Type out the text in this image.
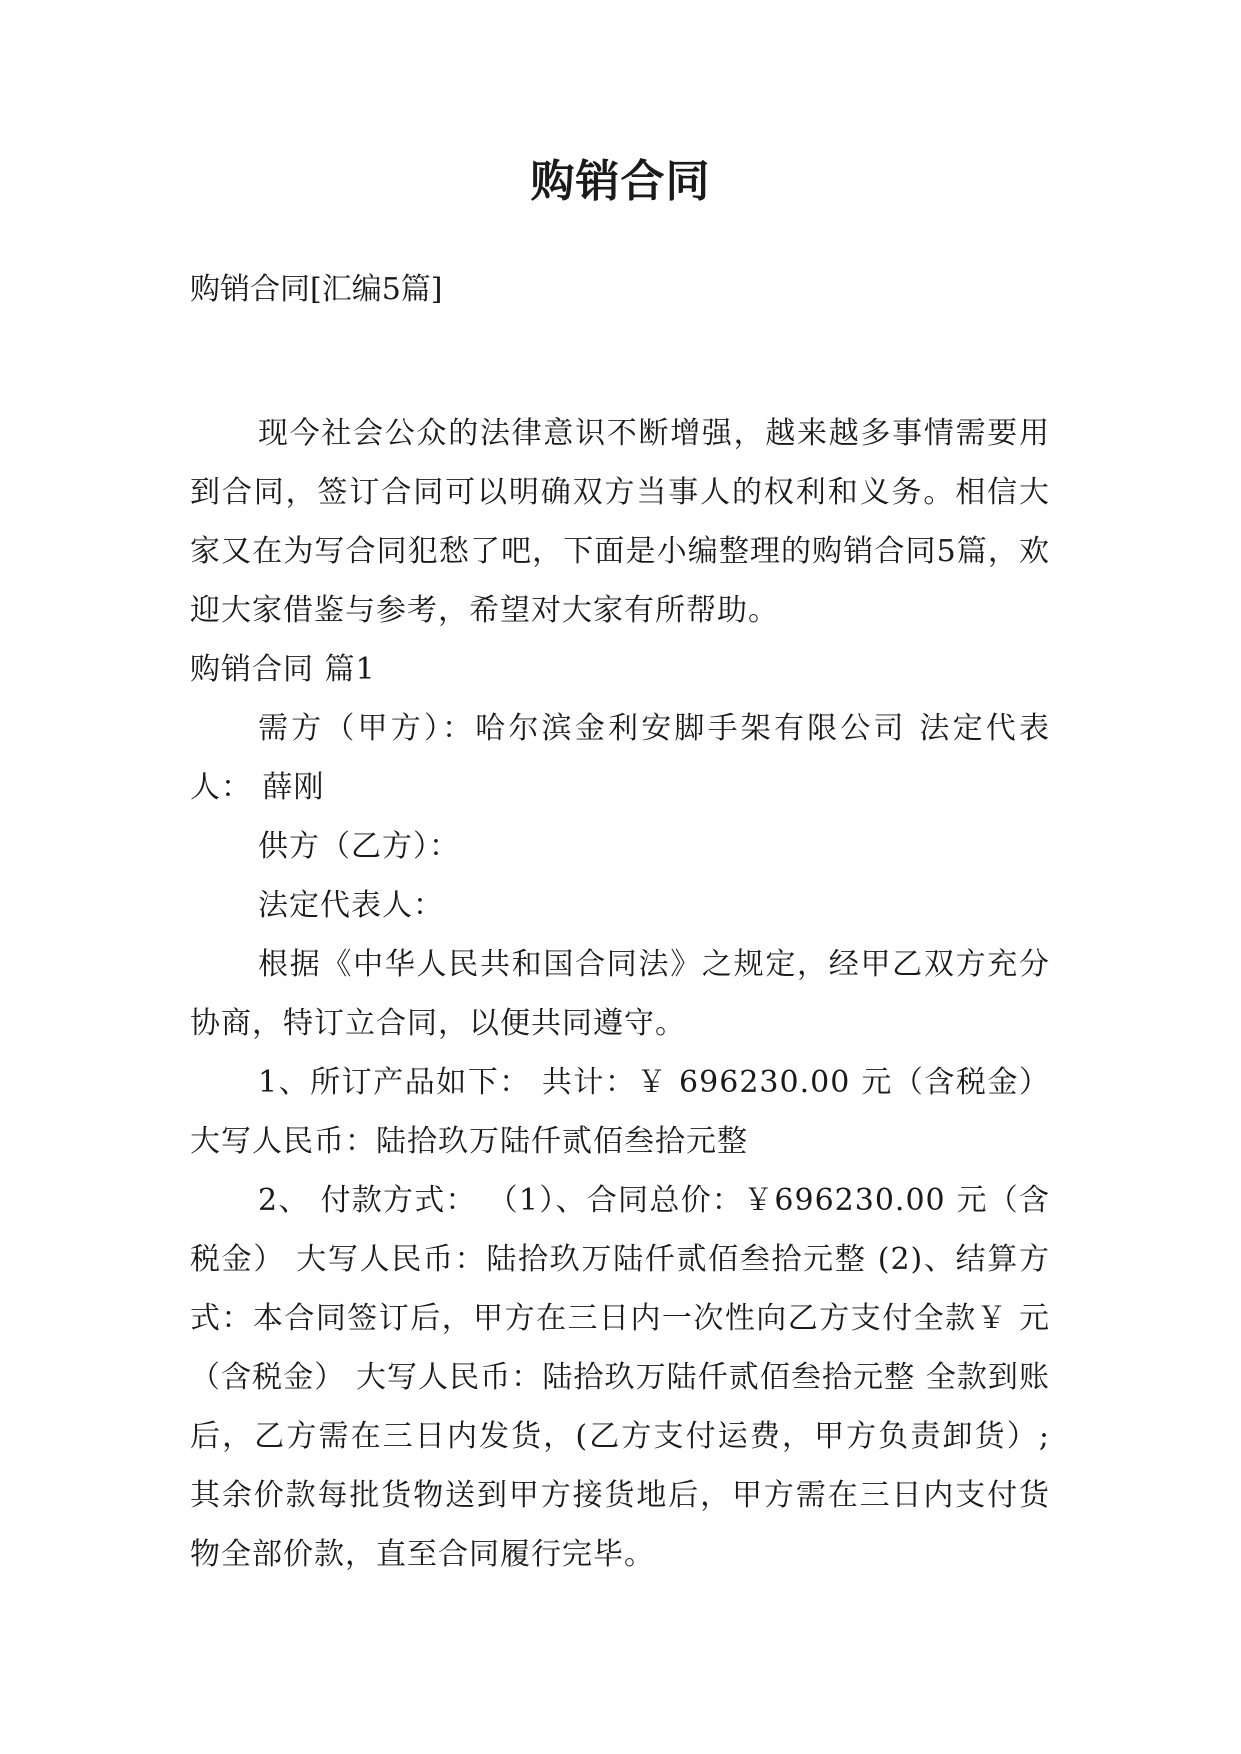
购销合同
购销合同[汇编5篇]

现今社会公众的法律意识不断增强，越来越多事情需要用到合同，签订合同可以明确双方当事人的权利和义务。相信大家又在为写合同犯愁了吧，下面是小编整理的购销合同5篇，欢迎大家借鉴与参考，希望对大家有所帮助。

购销合同 篇1

需方（甲方）：哈尔滨金利安脚手架有限公司 法定代表人： 薛刚

供方（乙方）：

法定代表人：

根据《中华人民共和国合同法》之规定，经甲乙双方充分协商，特订立合同，以便共同遵守。

1、所订产品如下： 共计：￥ 696230.00 元（含税金）大写人民币：陆拾玖万陆仟贰佰叁拾元整

2、 付款方式： （1）、合同总价：￥696230.00 元（含税金） 大写人民币：陆拾玖万陆仟贰佰叁拾元整 (2)、结算方式：本合同签订后，甲方在三日内一次性向乙方支付全款￥ 元（含税金） 大写人民币：陆拾玖万陆仟贰佰叁拾元整 全款到账后，乙方需在三日内发货，(乙方支付运费，甲方负责卸货）;其余价款每批货物送到甲方接货地后，甲方需在三日内支付货物全部价款，直至合同履行完毕。
